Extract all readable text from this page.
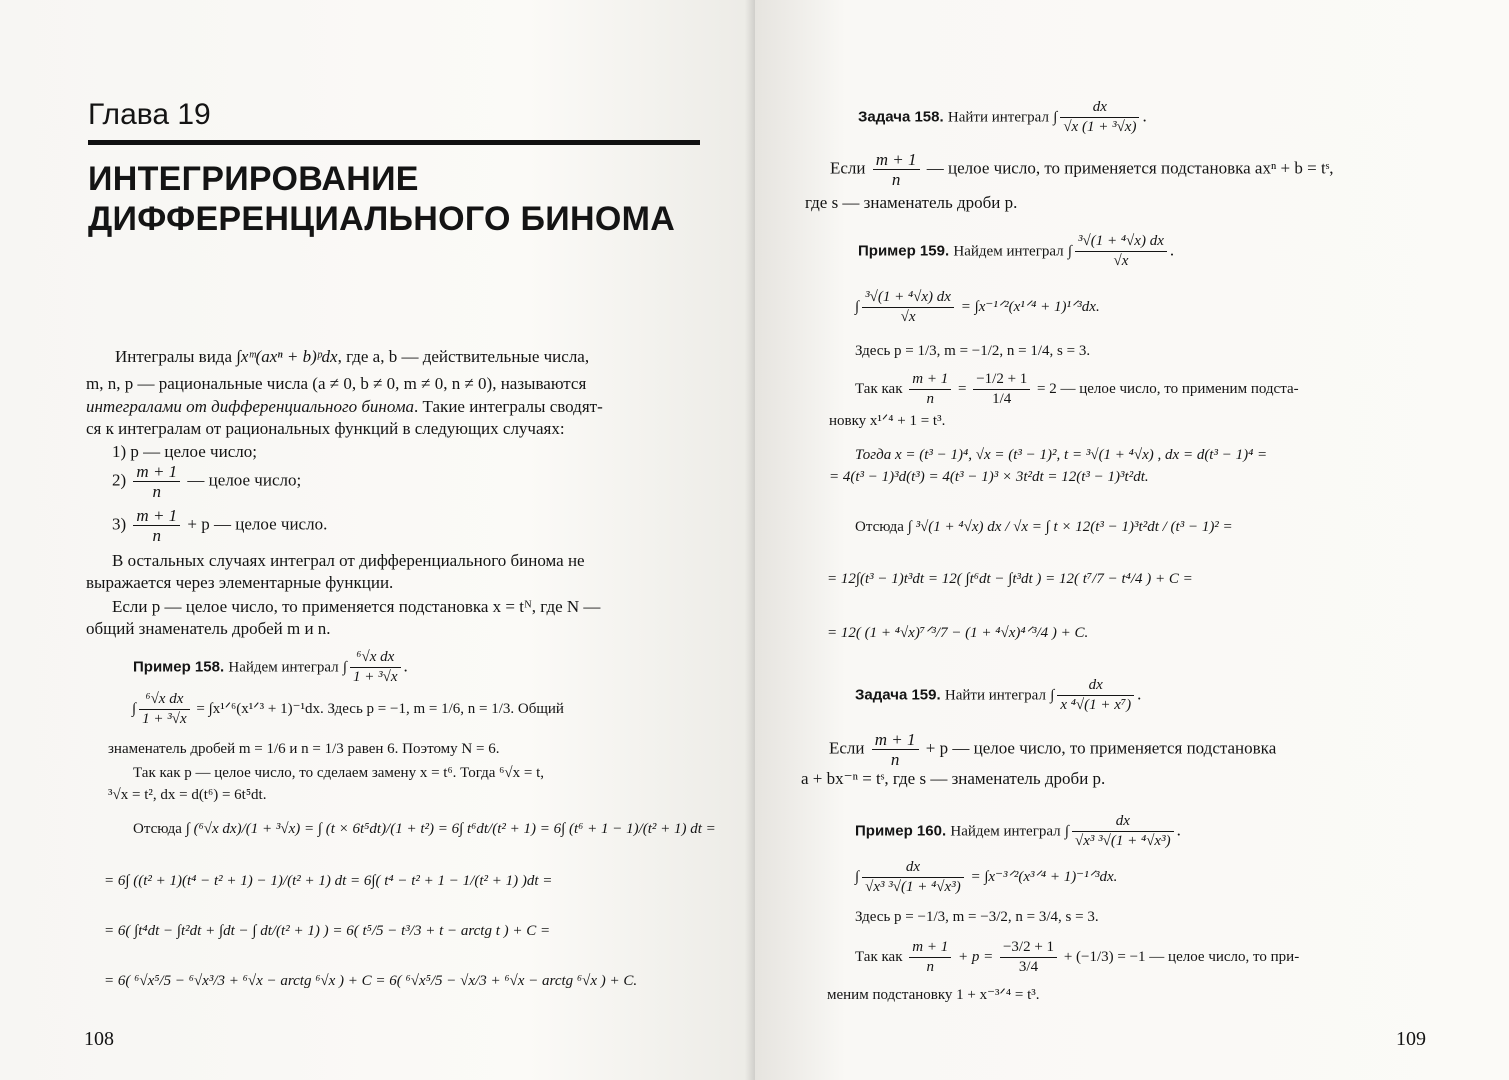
Глава 19
ИНТЕГРИРОВАНИЕ
ДИФФЕРЕНЦИАЛЬНОГО БИНОМА
Интегралы вида ∫xᵐ(axⁿ + b)ᵖdx, где a, b — действительные числа,
m, n, p — рациональные числа (a ≠ 0, b ≠ 0, m ≠ 0, n ≠ 0), называются
интегралами от дифференциального бинома. Такие интегралы сводят-
ся к интегралам от рациональных функций в следующих случаях:
1) p — целое число;
$2) \frac{m + 1}{n}$ — целое число;
$3) \frac{m + 1}{n} + p$ — целое число.
В остальных случаях интеграл от дифференциального бинома не
выражается через элементарные функции.
Если p — целое число, то применяется подстановка x = tᴺ, где N —
общий знаменатель дробей m и n.
Пример 158. Найдем интеграл ∫ $\frac{\text{⁶√x dx}}{\text{1 + ³√x}}$ .
∫ $\frac{\text{⁶√x dx}}{\text{1 + ³√x}}$ = ∫x¹ᐟ⁶(x¹ᐟ³ + 1)⁻¹dx. Здесь p = −1, m = 1/6, n = 1/3. Общий
знаменатель дробей m = 1/6 и n = 1/3 равен 6. Поэтому N = 6.
Так как p — целое число, то сделаем замену x = t⁶. Тогда ⁶√x = t,
³√x = t², dx = d(t⁶) = 6t⁵dt.
Отсюда ∫ (⁶√x dx)/(1 + ³√x) = ∫ (t × 6t⁵dt)/(1 + t²) = 6∫ t⁶dt/(t² + 1) = 6∫ (t⁶ + 1 − 1)/(t² + 1) dt =
= 6∫ ((t² + 1)(t⁴ − t² + 1) − 1)/(t² + 1) dt = 6∫( t⁴ − t² + 1 − 1/(t² + 1) )dt =
= 6( ∫t⁴dt − ∫t²dt + ∫dt − ∫ dt/(t² + 1) ) = 6( t⁵/5 − t³/3 + t − arctg t ) + C =
= 6( ⁶√x⁵/5 − ⁶√x³/3 + ⁶√x − arctg ⁶√x ) + C = 6( ⁶√x⁵/5 − √x/3 + ⁶√x − arctg ⁶√x ) + C.
108
Задача 158. Найти интеграл ∫ $\frac{dx}{\text{√x (1 + ³√x)}}$ .
Если $\frac{m + 1}{n}$ — целое число, то применяется подстановка axⁿ + b = tˢ,
где s — знаменатель дроби p.
Пример 159. Найдем интеграл ∫ $\frac{\text{³√(1 + ⁴√x) dx}}{√x}$ .
∫ $\frac{\text{³√(1 + ⁴√x) dx}}{√x}$ = ∫x⁻¹ᐟ²(x¹ᐟ⁴ + 1)¹ᐟ³dx.
Здесь p = 1/3, m = −1/2, n = 1/4, s = 3.
Так как $\frac{m + 1}{n} = \frac{-1/2 + 1}{1/4} = 2$ — целое число, то применим подста-
новку x¹ᐟ⁴ + 1 = t³.
Тогда x = (t³ − 1)⁴, √x = (t³ − 1)², t = ³√(1 + ⁴√x) , dx = d(t³ − 1)⁴ =
= 4(t³ − 1)³d(t³) = 4(t³ − 1)³ × 3t²dt = 12(t³ − 1)³t²dt.
Отсюда ∫ ³√(1 + ⁴√x) dx / √x = ∫ t × 12(t³ − 1)³t²dt / (t³ − 1)² =
= 12∫(t³ − 1)t³dt = 12( ∫t⁶dt − ∫t³dt ) = 12( t⁷/7 − t⁴/4 ) + C =
= 12( (1 + ⁴√x)⁷ᐟ³/7 − (1 + ⁴√x)⁴ᐟ³/4 ) + C.
Задача 159. Найти интеграл ∫ $\frac{dx}{\text{x ⁴√(1 + x⁷)}}$ .
Если $\frac{m + 1}{n} + p$ — целое число, то применяется подстановка
a + bx⁻ⁿ = tˢ, где s — знаменатель дроби p.
Пример 160. Найдем интеграл ∫ $\frac{dx}{\text{√x³ ³√(1 + ⁴√x³)}}$ .
∫ $\frac{dx}{\text{√x³ ³√(1 + ⁴√x³)}}$ = ∫x⁻³ᐟ²(x³ᐟ⁴ + 1)⁻¹ᐟ³dx.
Здесь p = −1/3, m = −3/2, n = 3/4, s = 3.
Так как $\frac{m + 1}{n} + p = \frac{-3/2 + 1}{3/4} + (-1/3) = -1$ — целое число, то при-
меним подстановку 1 + x⁻³ᐟ⁴ = t³.
109
